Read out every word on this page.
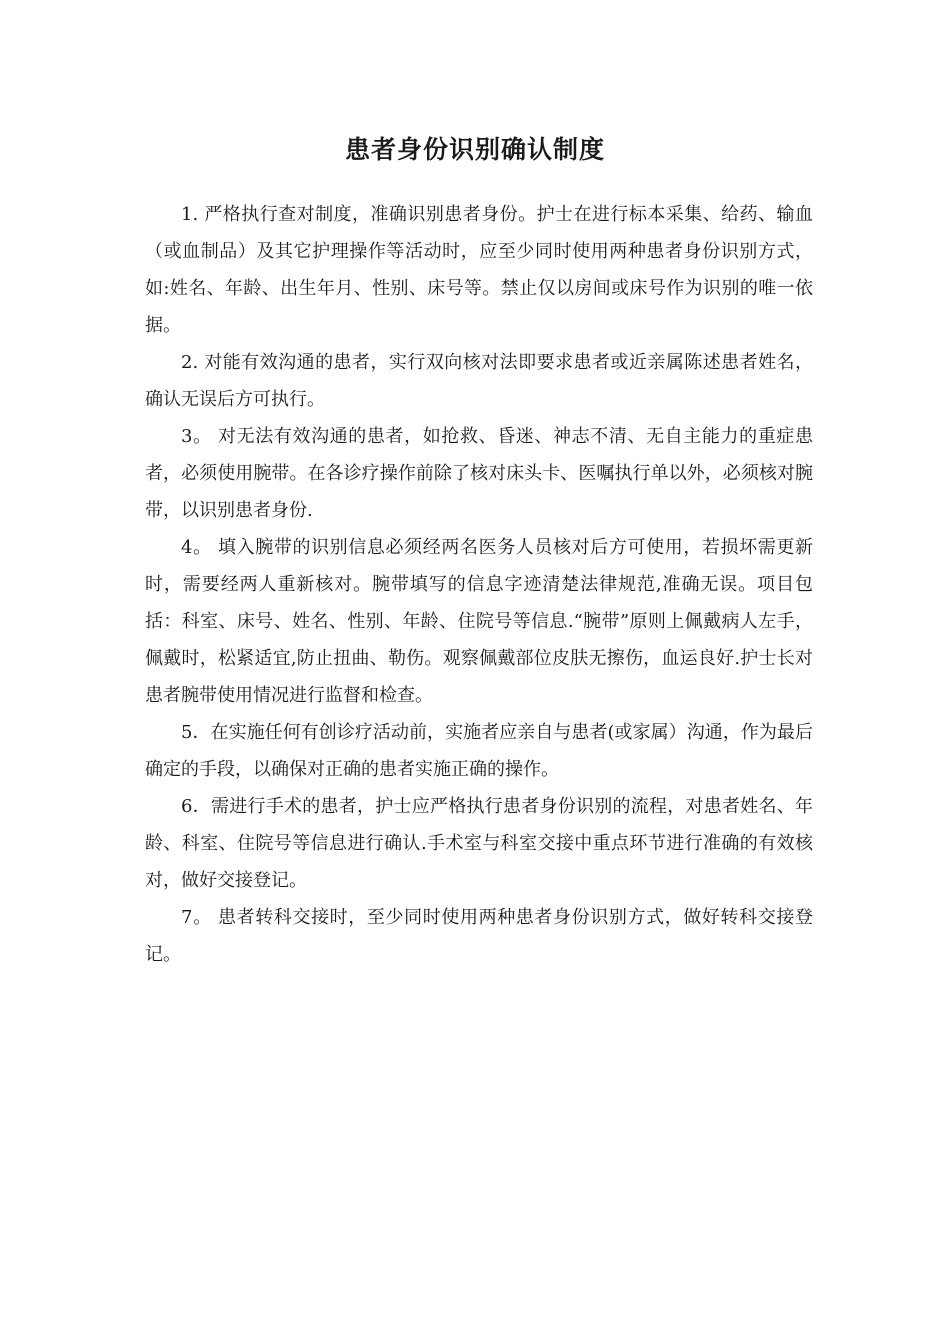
患者身份识别确认制度

1. 严格执行查对制度，准确识别患者身份。护士在进行标本采集、给药、输血（或血制品）及其它护理操作等活动时，应至少同时使用两种患者身份识别方式，如:姓名、年龄、出生年月、性别、床号等。禁止仅以房间或床号作为识别的唯一依据。

2. 对能有效沟通的患者，实行双向核对法即要求患者或近亲属陈述患者姓名，确认无误后方可执行。

3。 对无法有效沟通的患者，如抢救、昏迷、神志不清、无自主能力的重症患者，必须使用腕带。在各诊疗操作前除了核对床头卡、医嘱执行单以外，必须核对腕带，以识别患者身份.

4。 填入腕带的识别信息必须经两名医务人员核对后方可使用，若损坏需更新时，需要经两人重新核对。腕带填写的信息字迹清楚法律规范,准确无误。项目包括：科室、床号、姓名、性别、年龄、住院号等信息.“腕带”原则上佩戴病人左手，佩戴时，松紧适宜,防止扭曲、勒伤。观察佩戴部位皮肤无擦伤，血运良好.护士长对患者腕带使用情况进行监督和检查。

5．在实施任何有创诊疗活动前，实施者应亲自与患者(或家属）沟通，作为最后确定的手段，以确保对正确的患者实施正确的操作。

6．需进行手术的患者，护士应严格执行患者身份识别的流程，对患者姓名、年龄、科室、住院号等信息进行确认.手术室与科室交接中重点环节进行准确的有效核对，做好交接登记。

7。 患者转科交接时，至少同时使用两种患者身份识别方式，做好转科交接登记。
